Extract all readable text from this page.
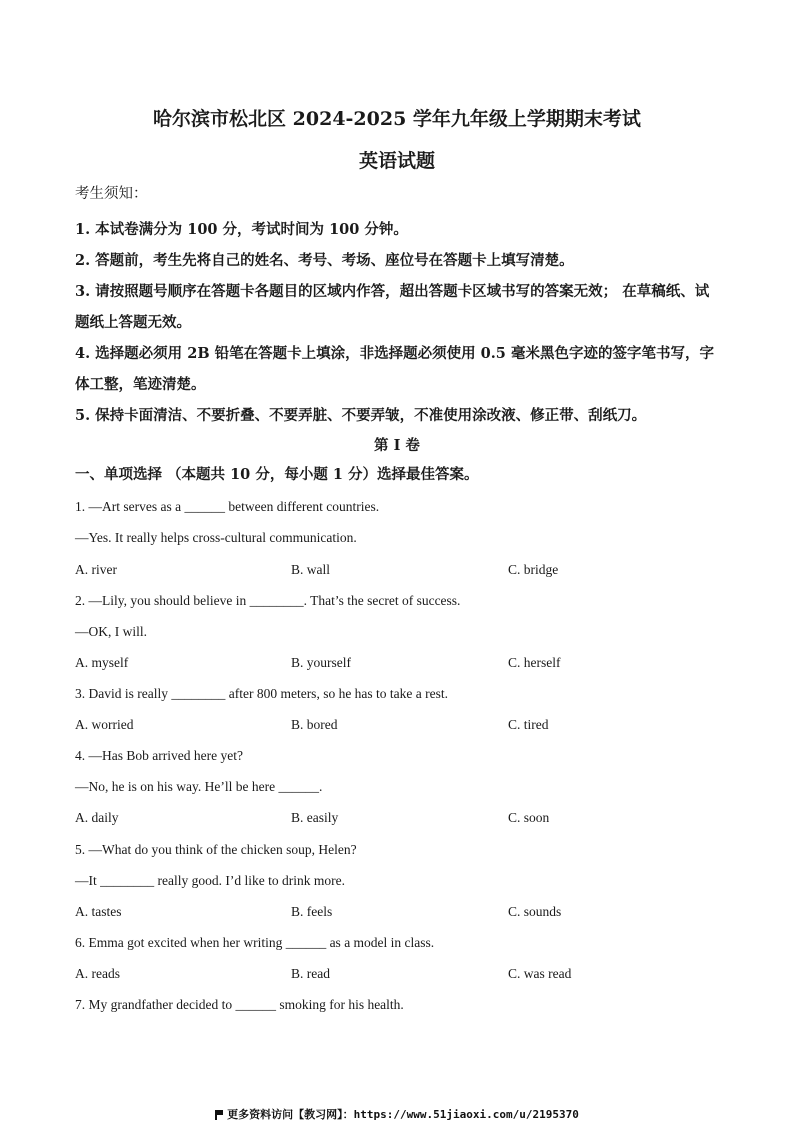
哈尔滨市松北区 2024-2025 学年九年级上学期期末考试
英语试题
考生须知：
1. 本试卷满分为 100 分，考试时间为 100 分钟。
2. 答题前，考生先将自己的姓名、考号、考场、座位号在答题卡上填写清楚。
3. 请按照题号顺序在答题卡各题目的区域内作答，超出答题卡区域书写的答案无效； 在草稿纸、试题纸上答题无效。
4. 选择题必须用 2B 铅笔在答题卡上填涂，非选择题必须使用 0.5 毫米黑色字迹的签字笔书写，字体工整，笔迹清楚。
5. 保持卡面清洁、不要折叠、不要弄脏、不要弄皱，不准使用涂改液、修正带、刮纸刀。
第 I 卷
一、单项选择 （本题共 10 分，每小题 1 分）选择最佳答案。
1. —Art serves as a ______ between different countries.
—Yes. It really helps cross-cultural communication.
A. river	B. wall	C. bridge
2. —Lily, you should believe in ________. That’s the secret of success.
—OK, I will.
A. myself	B. yourself	C. herself
3. David is really ________ after 800 meters, so he has to take a rest.
A. worried	B. bored	C. tired
4. —Has Bob arrived here yet?
—No, he is on his way. He’ll be here ______.
A. daily	B. easily	C. soon
5. —What do you think of the chicken soup, Helen?
—It ________ really good. I’d like to drink more.
A. tastes	B. feels	C. sounds
6. Emma got excited when her writing ______ as a model in class.
A. reads	B. read	C. was read
7. My grandfather decided to ______ smoking for his health.
更多资料访问【教习网】：https://www.51jiaoxi.com/u/2195370
